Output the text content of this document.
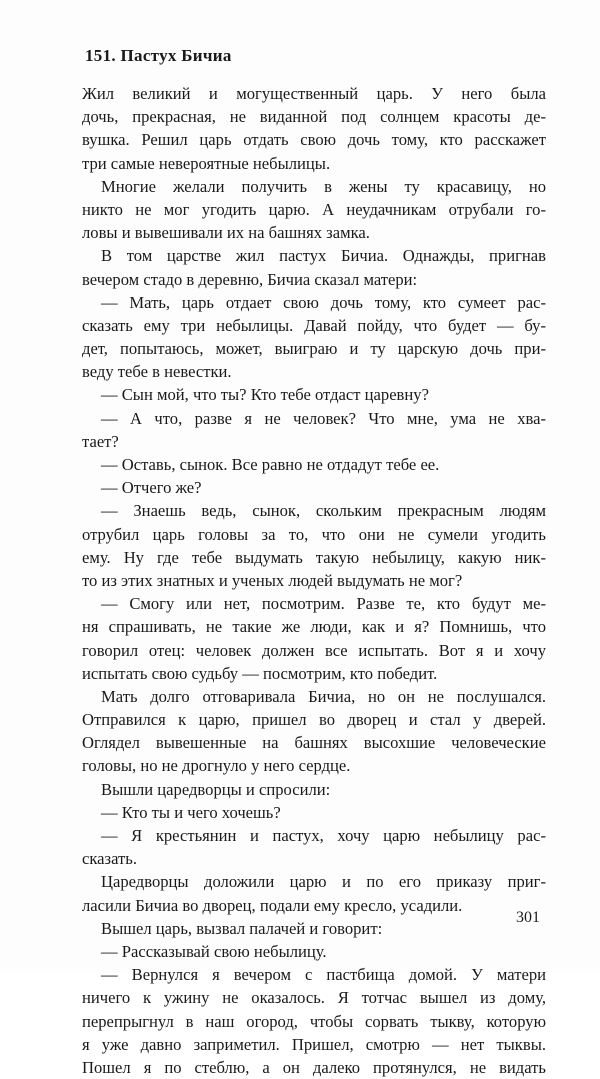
151. Пастух Бичиа
Жил великий и могущественный царь. У него была
дочь, прекрасная, не виданной под солнцем красоты де-
вушка. Решил царь отдать свою дочь тому, кто расскажет
три самые невероятные небылицы.
Многие желали получить в жены ту красавицу, но
никто не мог угодить царю. А неудачникам отрубали го-
ловы и вывешивали их на башнях замка.
В том царстве жил пастух Бичиа. Однажды, пригнав
вечером стадо в деревню, Бичиа сказал матери:
— Мать, царь отдает свою дочь тому, кто сумеет рас-
сказать ему три небылицы. Давай пойду, что будет — бу-
дет, попытаюсь, может, выиграю и ту царскую дочь при-
веду тебе в невестки.
— Сын мой, что ты? Кто тебе отдаст царевну?
— А что, разве я не человек? Что мне, ума не хва-
тает?
— Оставь, сынок. Все равно не отдадут тебе ее.
— Отчего же?
— Знаешь ведь, сынок, скольким прекрасным людям
отрубил царь головы за то, что они не сумели угодить
ему. Ну где тебе выдумать такую небылицу, какую ник-
то из этих знатных и ученых людей выдумать не мог?
— Смогу или нет, посмотрим. Разве те, кто будут ме-
ня спрашивать, не такие же люди, как и я? Помнишь, что
говорил отец: человек должен все испытать. Вот я и хочу
испытать свою судьбу — посмотрим, кто победит.
Мать долго отговаривала Бичиа, но он не послушался.
Отправился к царю, пришел во дворец и стал у дверей.
Оглядел вывешенные на башнях высохшие человеческие
головы, но не дрогнуло у него сердце.
Вышли царедворцы и спросили:
— Кто ты и чего хочешь?
— Я крестьянин и пастух, хочу царю небылицу рас-
сказать.
Царедворцы доложили царю и по его приказу приг-
ласили Бичиа во дворец, подали ему кресло, усадили.
Вышел царь, вызвал палачей и говорит:
— Рассказывай свою небылицу.
— Вернулся я вечером с пастбища домой. У матери
ничего к ужину не оказалось. Я тотчас вышел из дому,
перепрыгнул в наш огород, чтобы сорвать тыкву, которую
я уже давно заприметил. Пришел, смотрю — нет тыквы.
Пошел я по стеблю, а он далеко протянулся, не видать
301
